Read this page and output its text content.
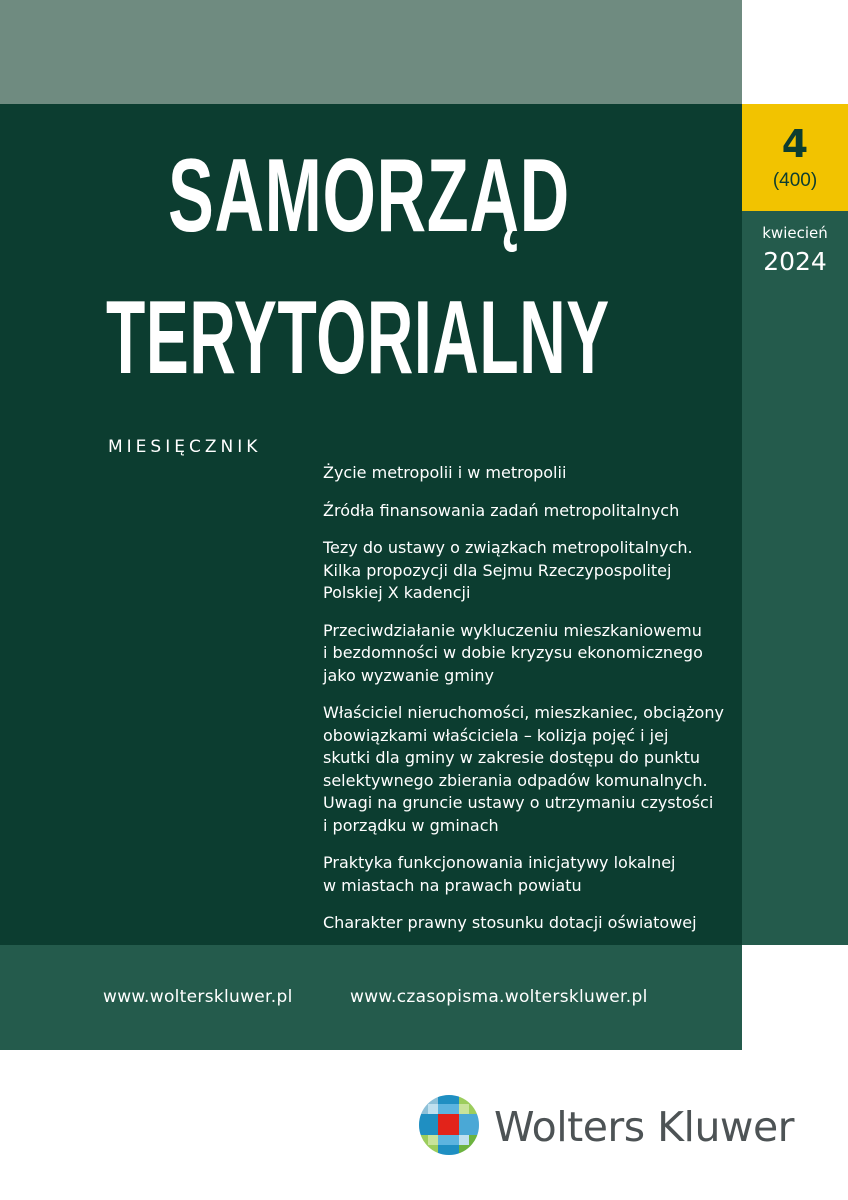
4
(400)
kwiecień
2024
SAMORZĄD
TERYTORIALNY
MIESIĘCZNIK
Życie metropolii i w metropolii
Źródła finansowania zadań metropolitalnych
Tezy do ustawy o związkach metropolitalnych.
Kilka propozycji dla Sejmu Rzeczypospolitej
Polskiej X kadencji
Przeciwdziałanie wykluczeniu mieszkaniowemu
i bezdomności w dobie kryzysu ekonomicznego
jako wyzwanie gminy
Właściciel nieruchomości, mieszkaniec, obciążony
obowiązkami właściciela – kolizja pojęć i jej
skutki dla gminy w zakresie dostępu do punktu
selektywnego zbierania odpadów komunalnych.
Uwagi na gruncie ustawy o utrzymaniu czystości
i porządku w gminach
Praktyka funkcjonowania inicjatywy lokalnej
w miastach na prawach powiatu
Charakter prawny stosunku dotacji oświatowej
www.wolterskluwer.pl	www.czasopisma.wolterskluwer.pl
Wolters Kluwer
